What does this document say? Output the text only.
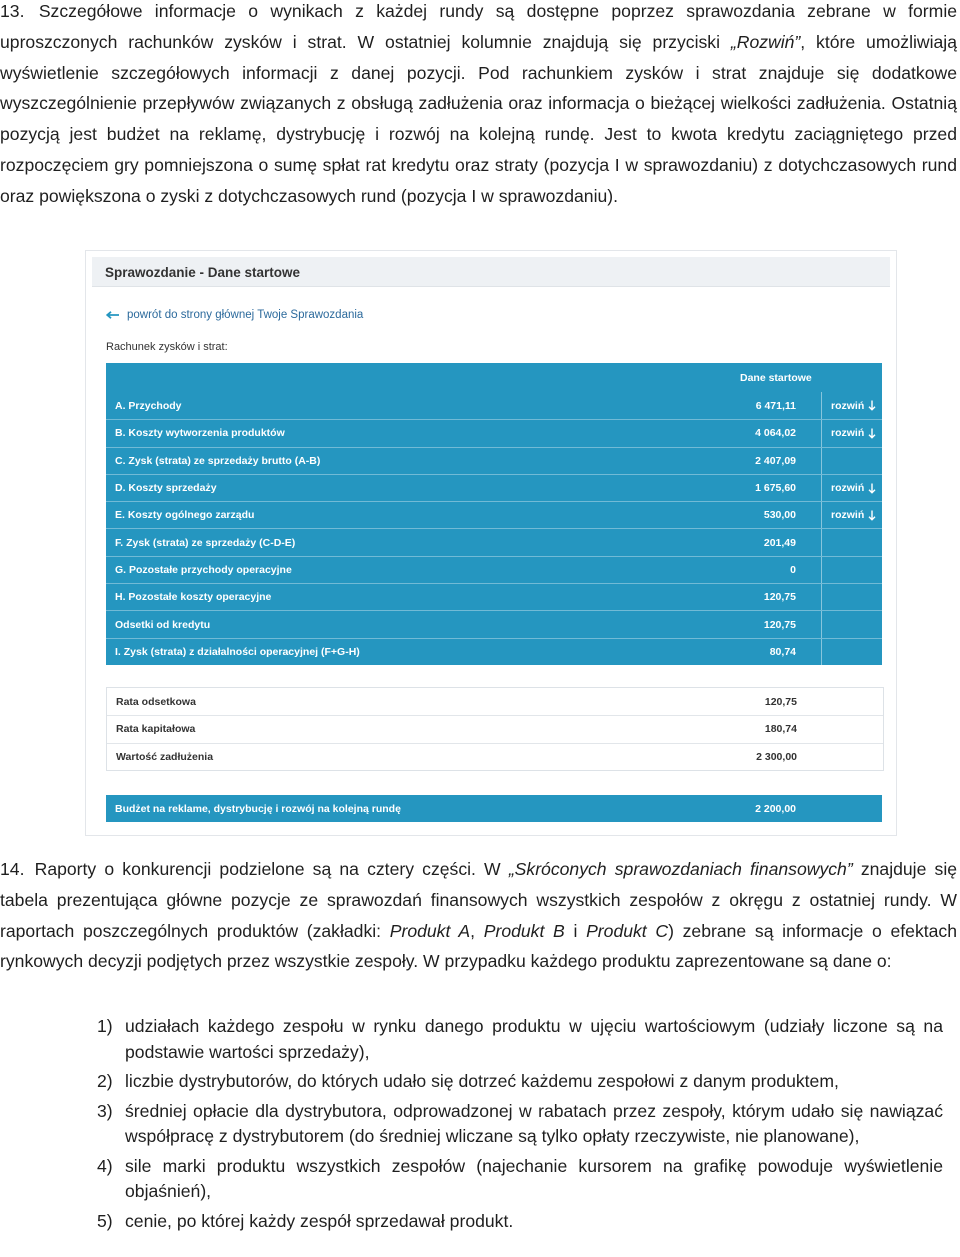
13. Szczegółowe informacje o wynikach z każdej rundy są dostępne poprzez sprawozdania zebrane w formie uproszczonych rachunków zysków i strat. W ostatniej kolumnie znajdują się przyciski „Rozwiń”, które umożliwiają wyświetlenie szczegółowych informacji z danej pozycji. Pod rachunkiem zysków i strat znajduje się dodatkowe wyszczególnienie przepływów związanych z obsługą zadłużenia oraz informacja o bieżącej wielkości zadłużenia. Ostatnią pozycją jest budżet na reklamę, dystrybucję i rozwój na kolejną rundę. Jest to kwota kredytu zaciągniętego przed rozpoczęciem gry pomniejszona o sumę spłat rat kredytu oraz straty (pozycja I w sprawozdaniu) z dotychczasowych rund oraz powiększona o zyski z dotychczasowych rund (pozycja I w sprawozdaniu).

Sprawozdanie - Dane startowe
powrót do strony głównej Twoje Sprawozdania
Rachunek zysków i strat:
Dane startowe
A. Przychody	6 471,11	rozwiń
B. Koszty wytworzenia produktów	4 064,02	rozwiń
C. Zysk (strata) ze sprzedaży brutto (A-B)	2 407,09
D. Koszty sprzedaży	1 675,60	rozwiń
E. Koszty ogólnego zarządu	530,00	rozwiń
F. Zysk (strata) ze sprzedaży (C-D-E)	201,49
G. Pozostałe przychody operacyjne	0
H. Pozostałe koszty operacyjne	120,75
Odsetki od kredytu	120,75
I. Zysk (strata) z działalności operacyjnej (F+G-H)	80,74
Rata odsetkowa	120,75
Rata kapitałowa	180,74
Wartość zadłużenia	2 300,00
Budżet na reklame, dystrybucję i rozwój na kolejną rundę	2 200,00

14. Raporty o konkurencji podzielone są na cztery części. W „Skróconych sprawozdaniach finansowych” znajduje się tabela prezentująca główne pozycje ze sprawozdań finansowych wszystkich zespołów z okręgu z ostatniej rundy. W raportach poszczególnych produktów (zakładki: Produkt A, Produkt B i Produkt C) zebrane są informacje o efektach rynkowych decyzji podjętych przez wszystkie zespoły. W przypadku każdego produktu zaprezentowane są dane o:

1) udziałach każdego zespołu w rynku danego produktu w ujęciu wartościowym (udziały liczone są na podstawie wartości sprzedaży),
2) liczbie dystrybutorów, do których udało się dotrzeć każdemu zespołowi z danym produktem,
3) średniej opłacie dla dystrybutora, odprowadzonej w rabatach przez zespoły, którym udało się nawiązać współpracę z dystrybutorem (do średniej wliczane są tylko opłaty rzeczywiste, nie planowane),
4) sile marki produktu wszystkich zespołów (najechanie kursorem na grafikę powoduje wyświetlenie objaśnień),
5) cenie, po której każdy zespół sprzedawał produkt.
